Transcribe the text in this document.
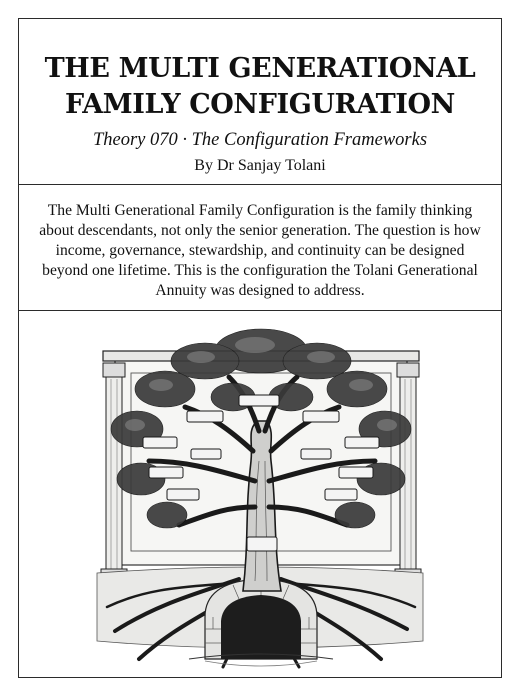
THE MULTI GENERATIONAL
FAMILY CONFIGURATION
Theory 070 · The Configuration Frameworks
By Dr Sanjay Tolani

The Multi Generational Family Configuration is the family thinking about descendants, not only the senior generation. The question is how income, governance, stewardship, and continuity can be designed beyond one lifetime. This is the configuration the Tolani Generational Annuity was designed to address.
